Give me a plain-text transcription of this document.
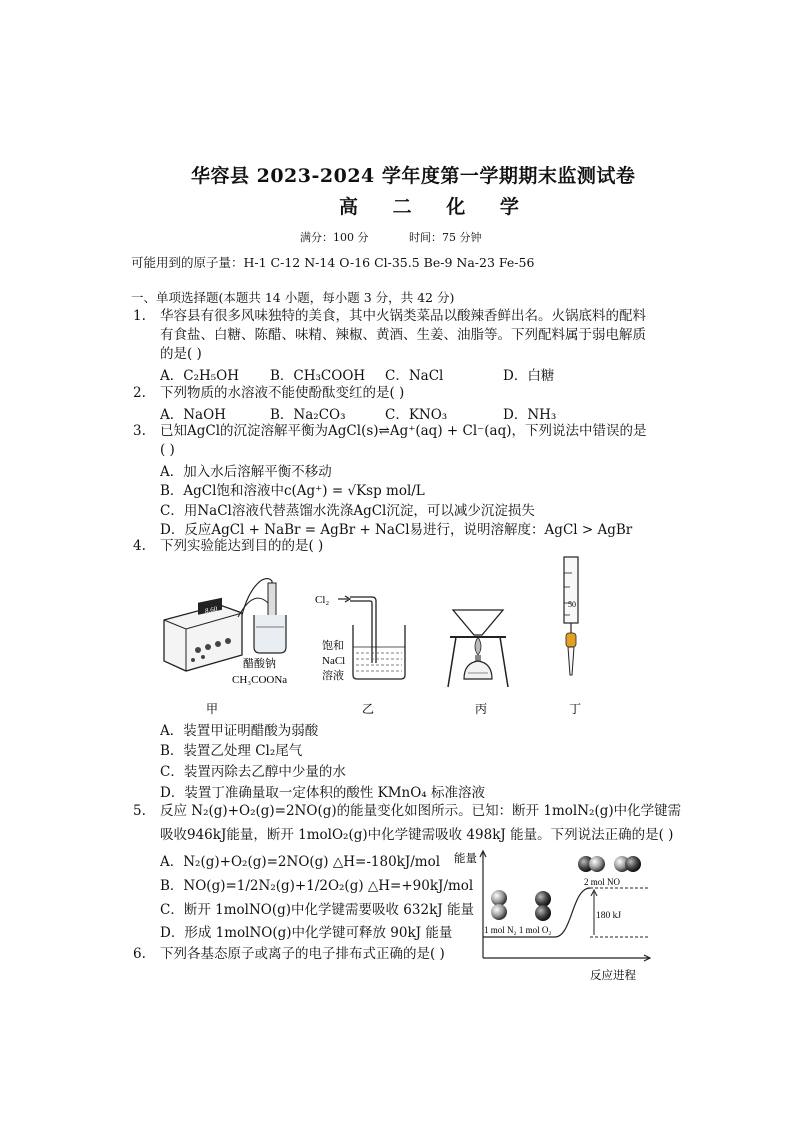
华容县 2023-2024 学年度第一学期期末监测试卷
高 二 化 学
满分：100 分	时间：75 分钟
可能用到的原子量：H-1 C-12 N-14 O-16 Cl-35.5 Be-9 Na-23 Fe-56
一、单项选择题(本题共 14 小题，每小题 3 分，共 42 分)
1. 华容县有很多风味独特的美食，其中火锅类菜品以酸辣香鲜出名。火锅底料的配料
有食盐、白糖、陈醋、味精、辣椒、黄酒、生姜、油脂等。下列配料属于弱电解质
的是( )
A．C₂H₅OH B．CH₃COOH C．NaCl	D．白糖
2. 下列物质的水溶液不能使酚酞变红的是( )
A．NaOH	B．Na₂CO₃	C．KNO₃	D．NH₃
3. 已知AgCl的沉淀溶解平衡为AgCl(s)⇌Ag⁺(aq) + Cl⁻(aq)，下列说法中错误的是
( )
A．加入水后溶解平衡不移动
B．AgCl饱和溶液中c(Ag⁺) = √Ksp mol/L
C．用NaCl溶液代替蒸馏水洗涤AgCl沉淀，可以减少沉淀损失
D．反应AgCl + NaBr = AgBr + NaCl易进行，说明溶解度：AgCl > AgBr
4. 下列实验能达到目的的是( )
8.60
醋酸钠
CH₃COONa
甲
Cl₂
饱和
NaCl
溶液
乙	丙
50
丁
A．装置甲证明醋酸为弱酸
B．装置乙处理 Cl₂尾气
C．装置丙除去乙醇中少量的水
D．装置丁准确量取一定体积的酸性 KMnO₄ 标准溶液
5. 反应 N₂(g)+O₂(g)=2NO(g)的能量变化如图所示。已知：断开 1molN₂(g)中化学键需
吸收946kJ能量，断开 1molO₂(g)中化学键需吸收 498kJ 能量。下列说法正确的是( )
A．N₂(g)+O₂(g)=2NO(g) △H=-180kJ/mol
B．NO(g)=1/2N₂(g)+1/2O₂(g) △H=+90kJ/mol
C．断开 1molNO(g)中化学键需要吸收 632kJ 能量
D．形成 1molNO(g)中化学键可释放 90kJ 能量
能量
反应进程
180 kJ
1 mol N₂ 1 mol O₂
2 mol NO
6. 下列各基态原子或离子的电子排布式正确的是( )
